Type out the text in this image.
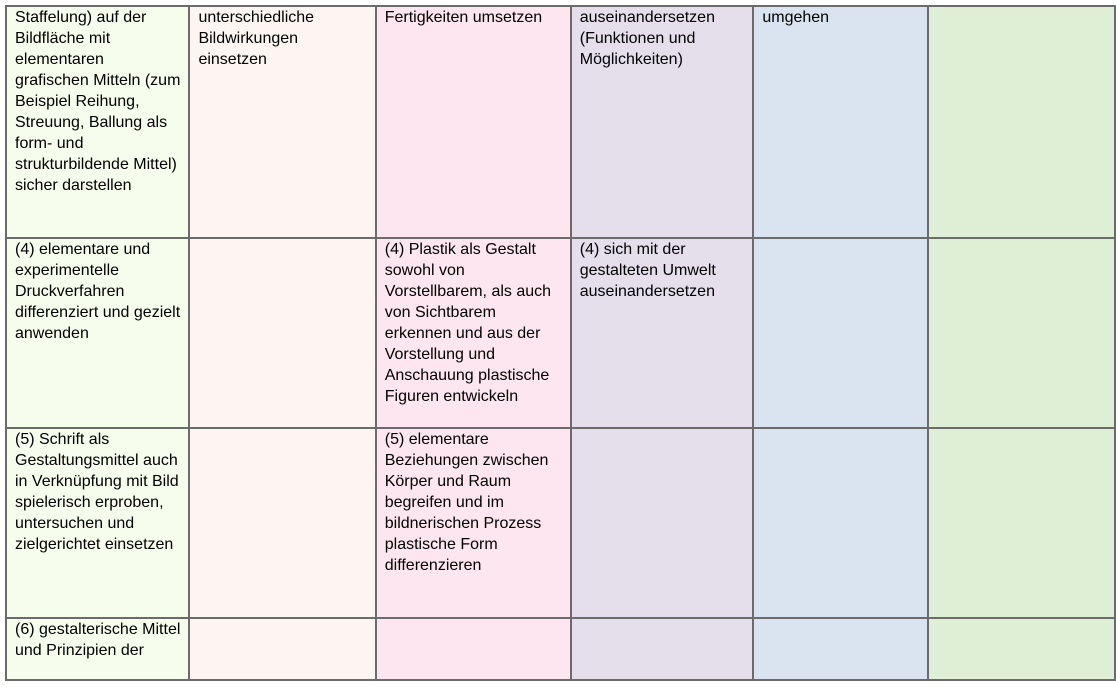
Staffelung) auf der Bildfläche mit elementaren grafischen Mitteln (zum Beispiel Reihung, Streuung, Ballung als form- und strukturbildende Mittel) sicher darstellen	unterschiedliche Bildwirkungen einsetzen	Fertigkeiten umsetzen	auseinandersetzen (Funktionen und Möglichkeiten)	umgehen	
(4) elementare und experimentelle Druckverfahren differenziert und gezielt anwenden		(4) Plastik als Gestalt sowohl von Vorstellbarem, als auch von Sichtbarem erkennen und aus der Vorstellung und Anschauung plastische Figuren entwickeln	(4) sich mit der gestalteten Umwelt auseinandersetzen		
(5) Schrift als Gestaltungsmittel auch in Verknüpfung mit Bild spielerisch erproben, untersuchen und zielgerichtet einsetzen		(5) elementare Beziehungen zwischen Körper und Raum begreifen und im bildnerischen Prozess plastische Form differenzieren			
(6) gestalterische Mittel und Prinzipien der					
